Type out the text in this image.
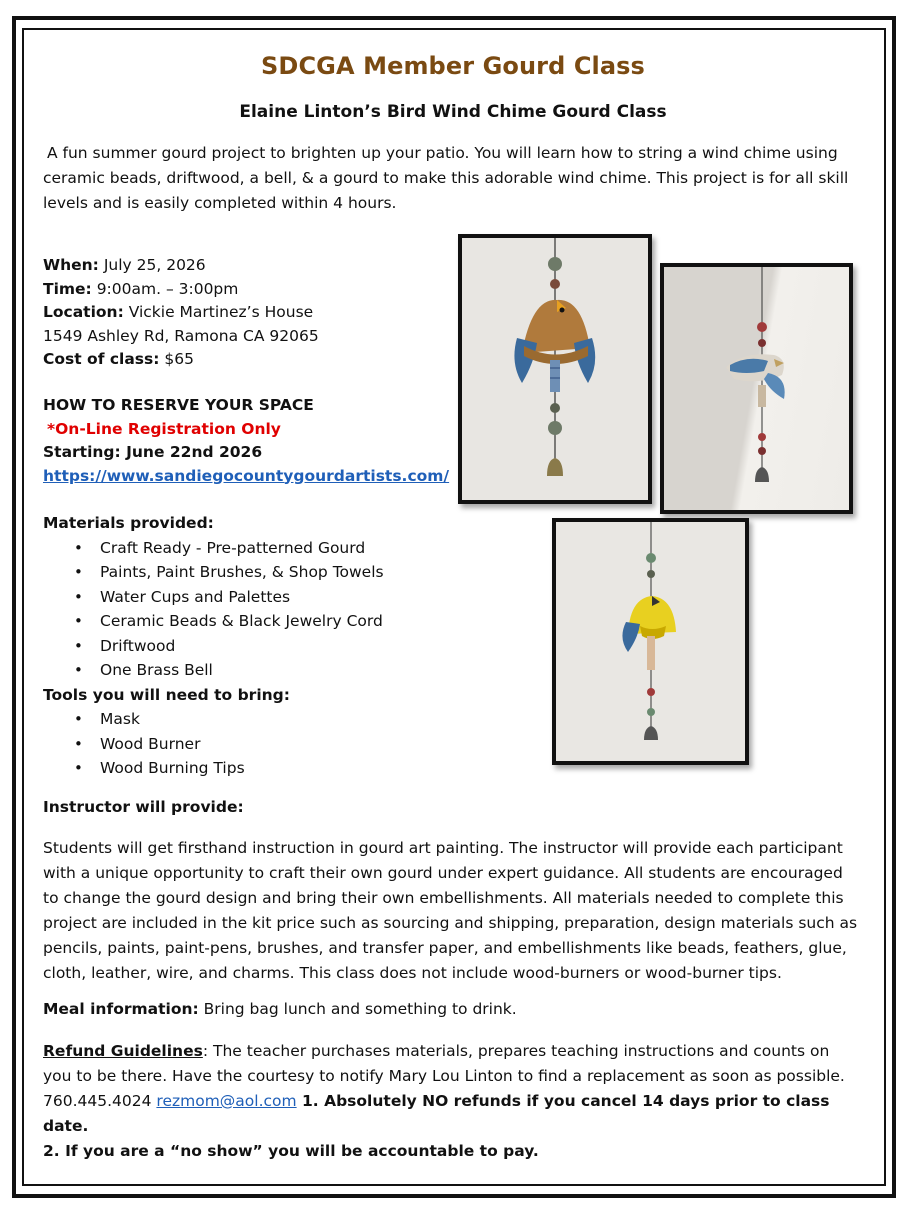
SDCGA Member Gourd Class
Elaine Linton’s Bird Wind Chime Gourd Class
A fun summer gourd project to brighten up your patio. You will learn how to string a wind chime using ceramic beads, driftwood, a bell, & a gourd to make this adorable wind chime. This project is for all skill levels and is easily completed within 4 hours.
When: July 25, 2026
Time: 9:00am. – 3:00pm
Location: Vickie Martinez’s House
1549 Ashley Rd, Ramona CA 92065
Cost of class: $65
HOW TO RESERVE YOUR SPACE
*On-Line Registration Only
Starting: June 22nd 2026
https://www.sandiegocountygourdartists.com/
Materials provided:
• Craft Ready - Pre-patterned Gourd
• Paints, Paint Brushes, & Shop Towels
• Water Cups and Palettes
• Ceramic Beads & Black Jewelry Cord
• Driftwood
• One Brass Bell
Tools you will need to bring:
• Mask
• Wood Burner
• Wood Burning Tips
Instructor will provide:
Students will get firsthand instruction in gourd art painting. The instructor will provide each participant with a unique opportunity to craft their own gourd under expert guidance. All students are encouraged to change the gourd design and bring their own embellishments. All materials needed to complete this project are included in the kit price such as sourcing and shipping, preparation, design materials such as pencils, paints, paint-pens, brushes, and transfer paper, and embellishments like beads, feathers, glue, cloth, leather, wire, and charms. This class does not include wood-burners or wood-burner tips.
Meal information: Bring bag lunch and something to drink.
Refund Guidelines: The teacher purchases materials, prepares teaching instructions and counts on you to be there. Have the courtesy to notify Mary Lou Linton to find a replacement as soon as possible. 760.445.4024 rezmom@aol.com 1. Absolutely NO refunds if you cancel 14 days prior to class date.
2. If you are a “no show” you will be accountable to pay.
